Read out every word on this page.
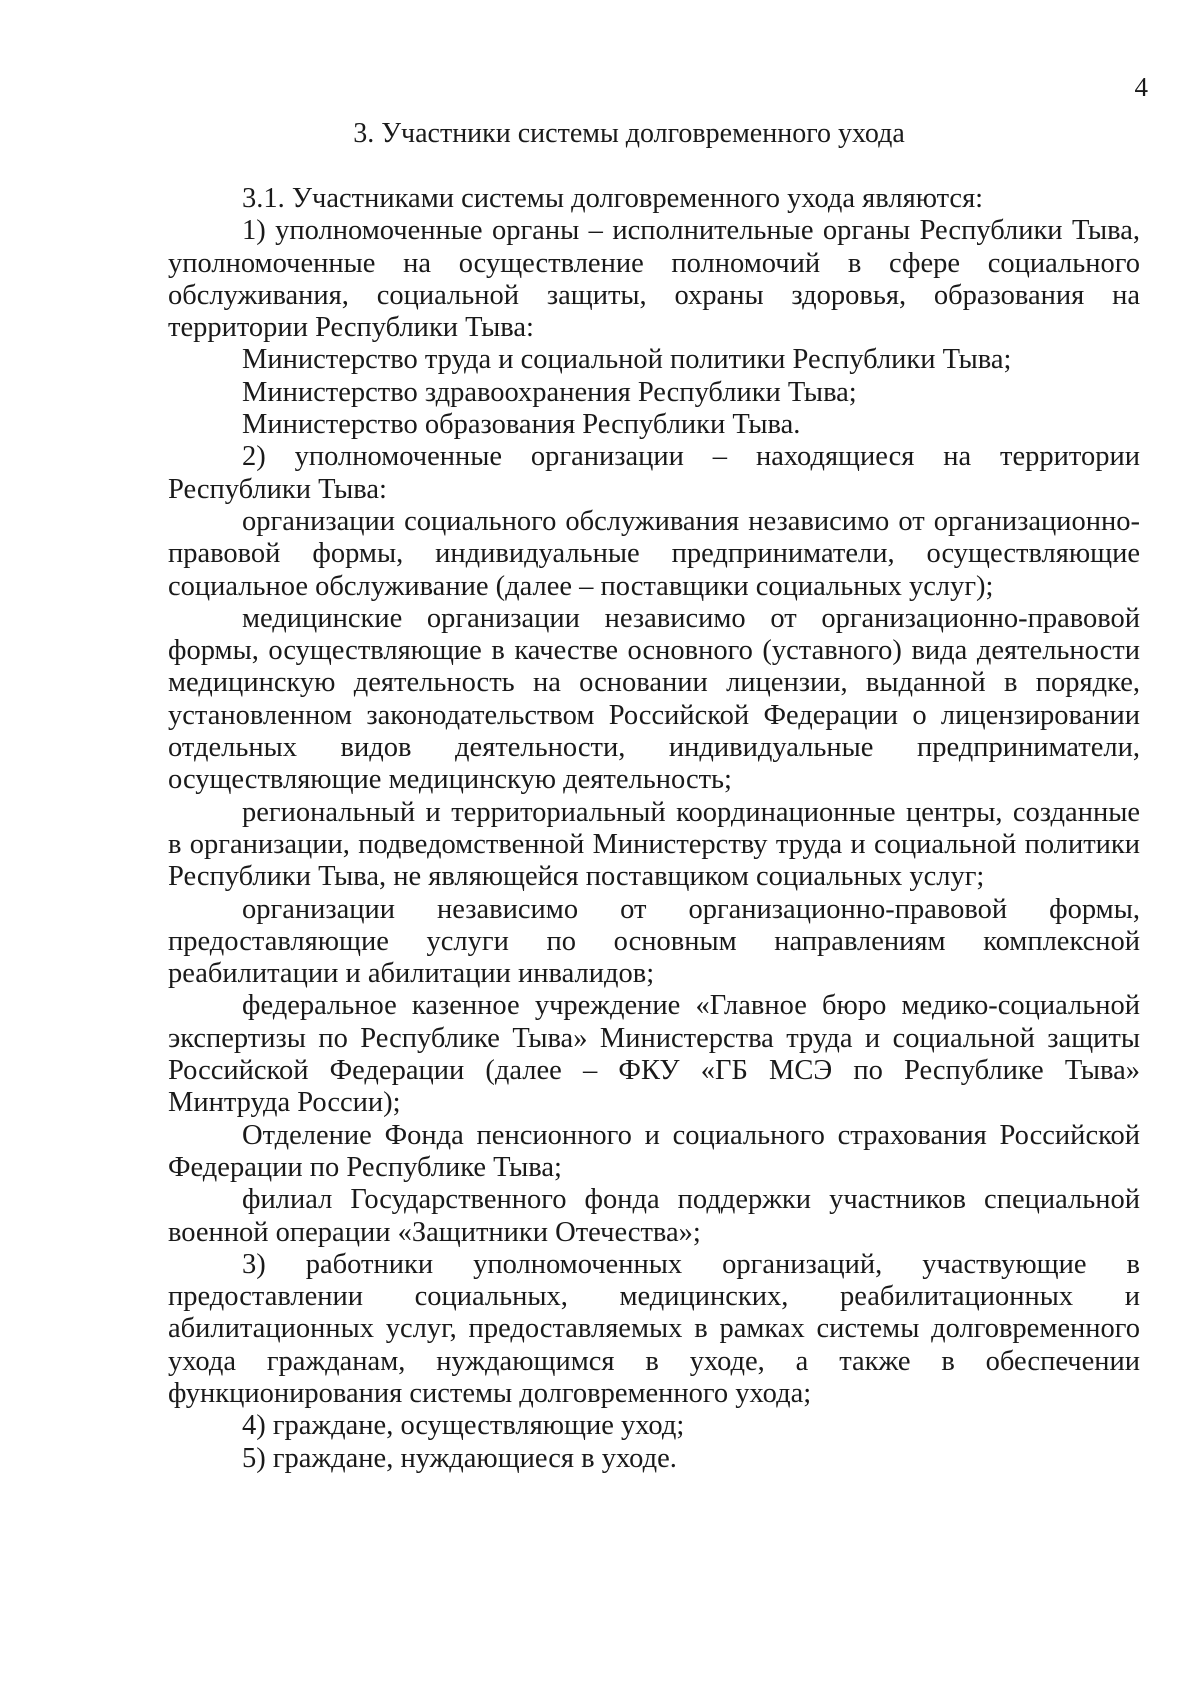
4
3. Участники системы долговременного ухода

3.1. Участниками системы долговременного ухода являются:

1) уполномоченные органы – исполнительные органы Республики Тыва, уполномоченные на осуществление полномочий в сфере социального обслуживания, социальной защиты, охраны здоровья, образования на территории Республики Тыва:

Министерство труда и социальной политики Республики Тыва;

Министерство здравоохранения Республики Тыва;

Министерство образования Республики Тыва.

2) уполномоченные организации – находящиеся на территории Республики Тыва:

организации социального обслуживания независимо от организационно-правовой формы, индивидуальные предприниматели, осуществляющие социальное обслуживание (далее – поставщики социальных услуг);

медицинские организации независимо от организационно-правовой формы, осуществляющие в качестве основного (уставного) вида деятельности медицинскую деятельность на основании лицензии, выданной в порядке, установленном законодательством Российской Федерации о лицензировании отдельных видов деятельности, индивидуальные предприниматели, осуществляющие медицинскую деятельность;

региональный и территориальный координационные центры, созданные в организации, подведомственной Министерству труда и социальной политики Республики Тыва, не являющейся поставщиком социальных услуг;

организации независимо от организационно-правовой формы, предоставляющие услуги по основным направлениям комплексной реабилитации и абилитации инвалидов;

федеральное казенное учреждение «Главное бюро медико-социальной экспертизы по Республике Тыва» Министерства труда и социальной защиты Российской Федерации (далее – ФКУ «ГБ МСЭ по Республике Тыва» Минтруда России);

Отделение Фонда пенсионного и социального страхования Российской Федерации по Республике Тыва;

филиал Государственного фонда поддержки участников специальной военной операции «Защитники Отечества»;

3) работники уполномоченных организаций, участвующие в предоставлении социальных, медицинских, реабилитационных и абилитационных услуг, предоставляемых в рамках системы долговременного ухода гражданам, нуждающимся в уходе, а также в обеспечении функционирования системы долговременного ухода;

4) граждане, осуществляющие уход;

5) граждане, нуждающиеся в уходе.
